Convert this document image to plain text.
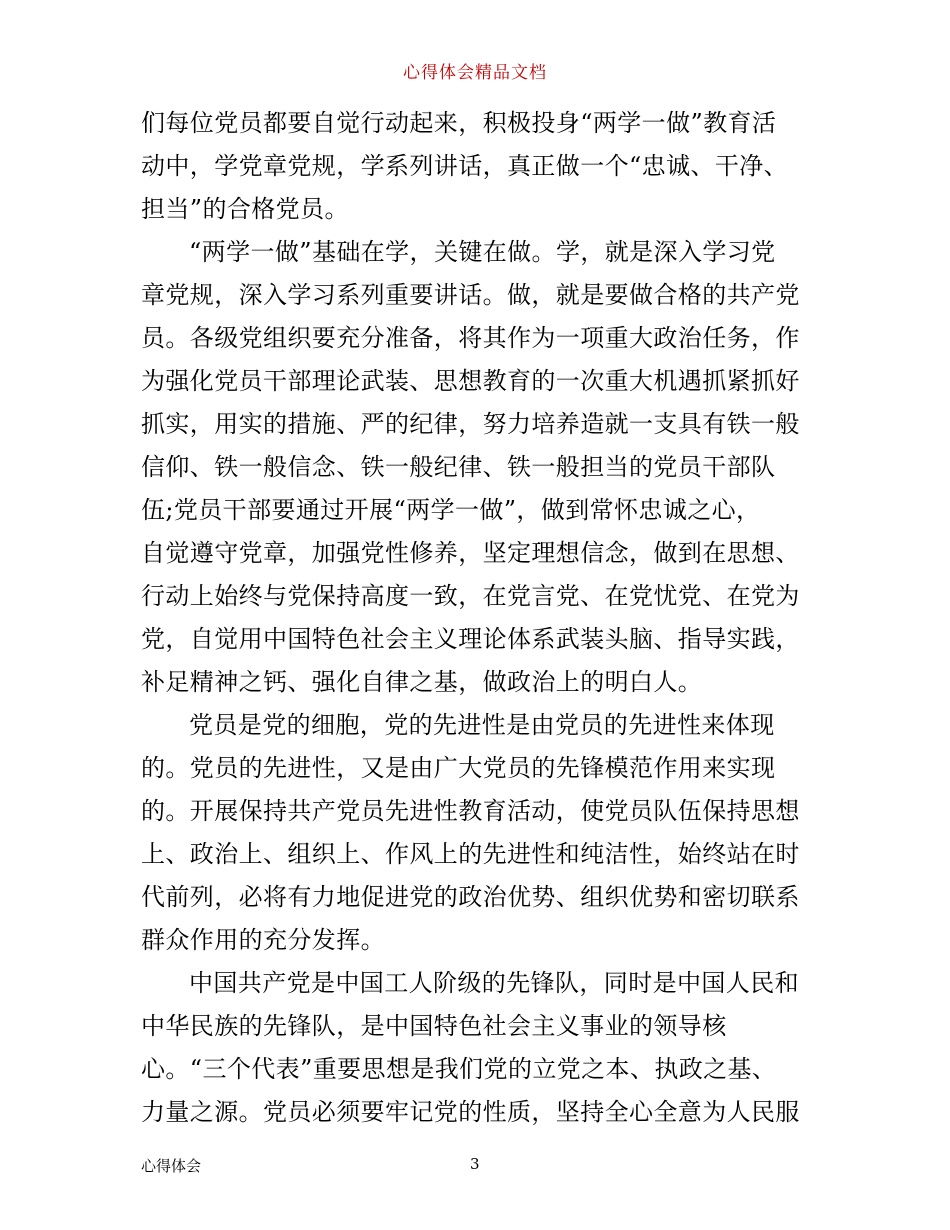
心得体会精品文档
们每位党员都要自觉行动起来，积极投身“两学一做”教育活
动中，学党章党规，学系列讲话，真正做一个“忠诚、干净、
担当”的合格党员。
“两学一做”基础在学，关键在做。学，就是深入学习党
章党规，深入学习系列重要讲话。做，就是要做合格的共产党
员。各级党组织要充分准备，将其作为一项重大政治任务，作
为强化党员干部理论武装、思想教育的一次重大机遇抓紧抓好
抓实，用实的措施、严的纪律，努力培养造就一支具有铁一般
信仰、铁一般信念、铁一般纪律、铁一般担当的党员干部队
伍;党员干部要通过开展“两学一做”，做到常怀忠诚之心，
自觉遵守党章，加强党性修养，坚定理想信念，做到在思想、
行动上始终与党保持高度一致，在党言党、在党忧党、在党为
党，自觉用中国特色社会主义理论体系武装头脑、指导实践，
补足精神之钙、强化自律之基，做政治上的明白人。
党员是党的细胞，党的先进性是由党员的先进性来体现
的。党员的先进性，又是由广大党员的先锋模范作用来实现
的。开展保持共产党员先进性教育活动，使党员队伍保持思想
上、政治上、组织上、作风上的先进性和纯洁性，始终站在时
代前列，必将有力地促进党的政治优势、组织优势和密切联系
群众作用的充分发挥。
中国共产党是中国工人阶级的先锋队，同时是中国人民和
中华民族的先锋队，是中国特色社会主义事业的领导核
心。“三个代表”重要思想是我们党的立党之本、执政之基、
力量之源。党员必须要牢记党的性质，坚持全心全意为人民服
心得体会	3
